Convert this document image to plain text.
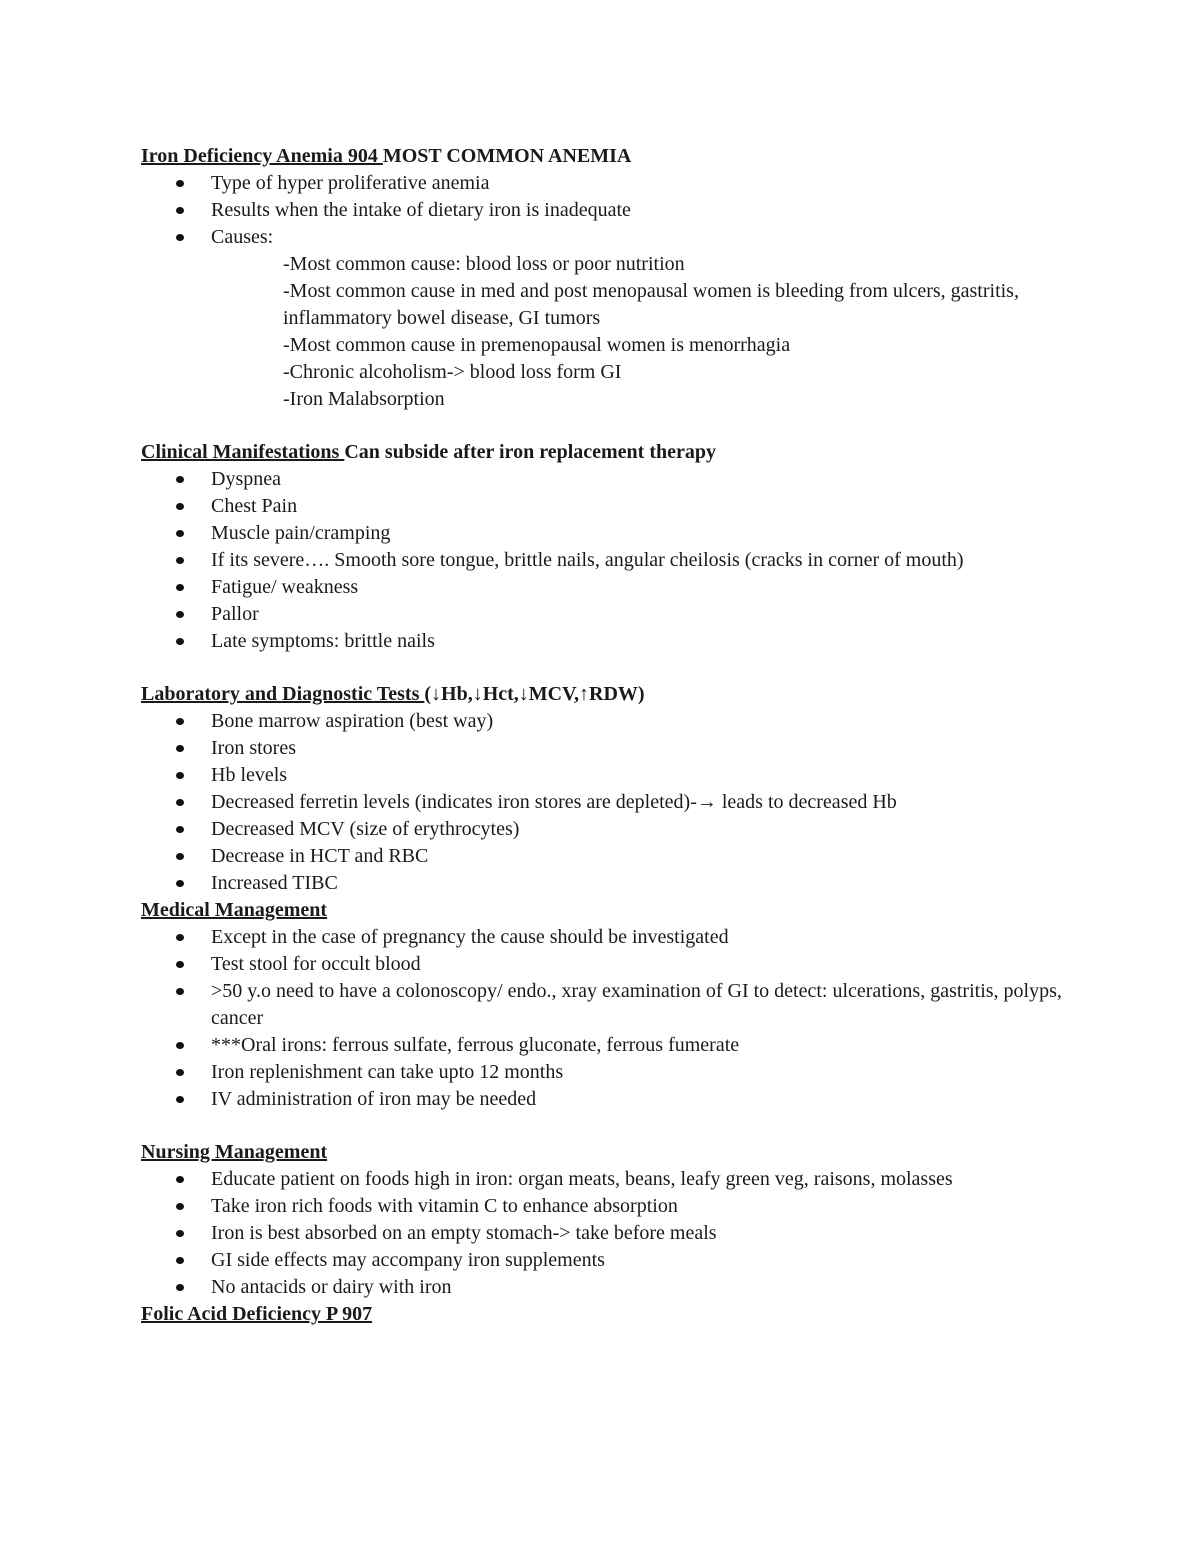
Iron Deficiency Anemia 904 MOST COMMON ANEMIA

Type of hyper proliferative anemia
Results when the intake of dietary iron is inadequate
Causes:
-Most common cause: blood loss or poor nutrition
-Most common cause in med and post menopausal women is bleeding from ulcers, gastritis, inflammatory bowel disease, GI tumors
-Most common cause in premenopausal women is menorrhagia
-Chronic alcoholism-> blood loss form GI
-Iron Malabsorption

Clinical Manifestations Can subside after iron replacement therapy

Dyspnea
Chest Pain
Muscle pain/cramping
If its severe…. Smooth sore tongue, brittle nails, angular cheilosis (cracks in corner of mouth)
Fatigue/ weakness
Pallor
Late symptoms: brittle nails

Laboratory and Diagnostic Tests (↓Hb,↓Hct,↓MCV,↑RDW)

Bone marrow aspiration (best way)
Iron stores
Hb levels
Decreased ferretin levels (indicates iron stores are depleted)-→ leads to decreased Hb
Decreased MCV (size of erythrocytes)
Decrease in HCT and RBC
Increased TIBC

Medical Management

Except in the case of pregnancy the cause should be investigated
Test stool for occult blood
>50 y.o need to have a colonoscopy/ endo., xray examination of GI to detect: ulcerations, gastritis, polyps, cancer
***Oral irons: ferrous sulfate, ferrous gluconate, ferrous fumerate
Iron replenishment can take upto 12 months
IV administration of iron may be needed

Nursing Management

Educate patient on foods high in iron: organ meats, beans, leafy green veg, raisons, molasses
Take iron rich foods with vitamin C to enhance absorption
Iron is best absorbed on an empty stomach-> take before meals
GI side effects may accompany iron supplements
No antacids or dairy with iron

Folic Acid Deficiency P 907
